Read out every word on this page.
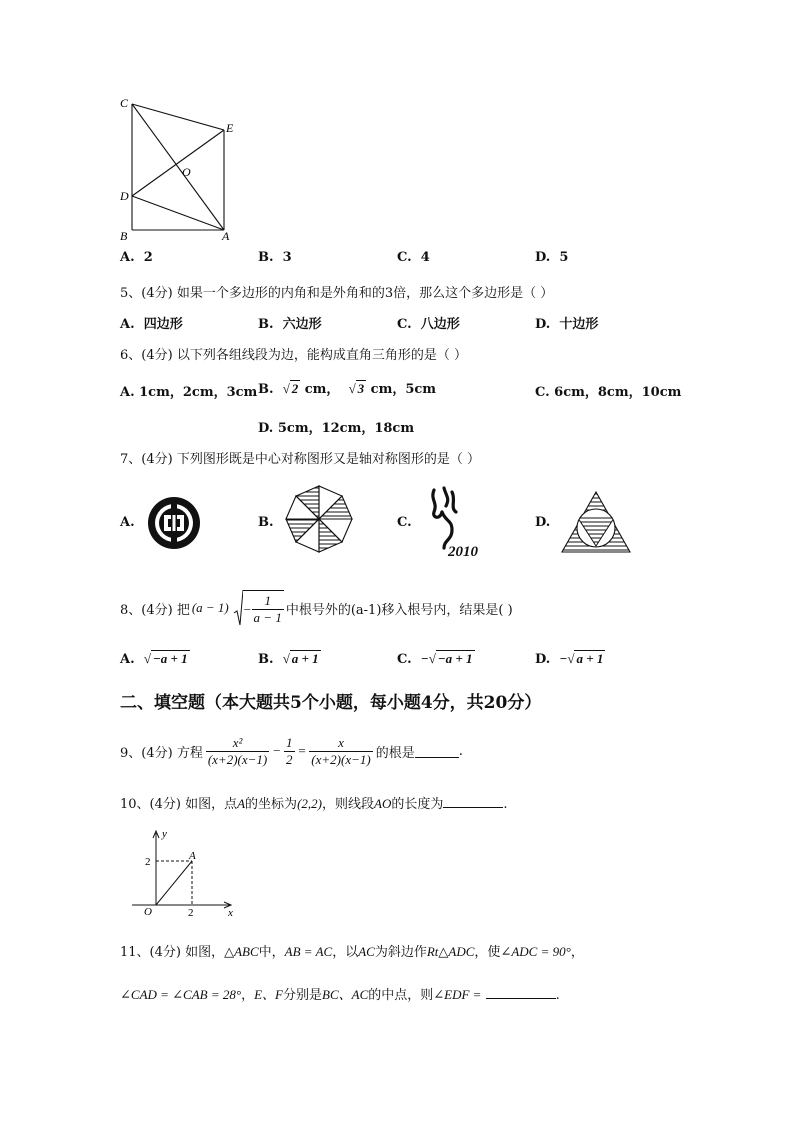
C
E
O
D
B	A
A. 2	B. 3	C. 4	D. 5
5、(4分) 如果一个多边形的内角和是外角和的3倍，那么这个多边形是（ ）
A. 四边形	B. 六边形	C. 八边形	D. 十边形
6、(4分) 以下列各组线段为边，能构成直角三角形的是（ ）
A. 1cm，2cm，3cm B. √ 2 cm， √ 3 cm，5cm	C. 6cm，8cm，10cm
D. 5cm，12cm，18cm
7、(4分) 下列图形既是中心对称图形又是轴对称图形的是（ ）
A.	B.	C.
2010
D.
8、(4分) 把 $(a - 1) - \frac{1}{a - 1}$ 中根号外的(a-1)移入根号内，结果是( )
A. √ −a + 1	B. √ a + 1	C. −√ −a + 1	D. −√ a + 1
二、填空题（本大题共5个小题，每小题4分，共20分）
9、(4分) 方程 $\frac{\text{x²}}{(x+2)(x-1)} - \frac{1}{2} = \frac{x}{(x+2)(x-1)}$ 的根是	.
10、(4分) 如图，点A的坐标为(2,2)，则线段AO的长度为	.
y
x
O
A
2
2
11、(4分) 如图，△ABC中，AB = AC，以AC为斜边作Rt△ADC，使∠ADC = 90°，
∠CAD = ∠CAB = 28°，E、F分别是BC、AC的中点，则∠EDF =	.
